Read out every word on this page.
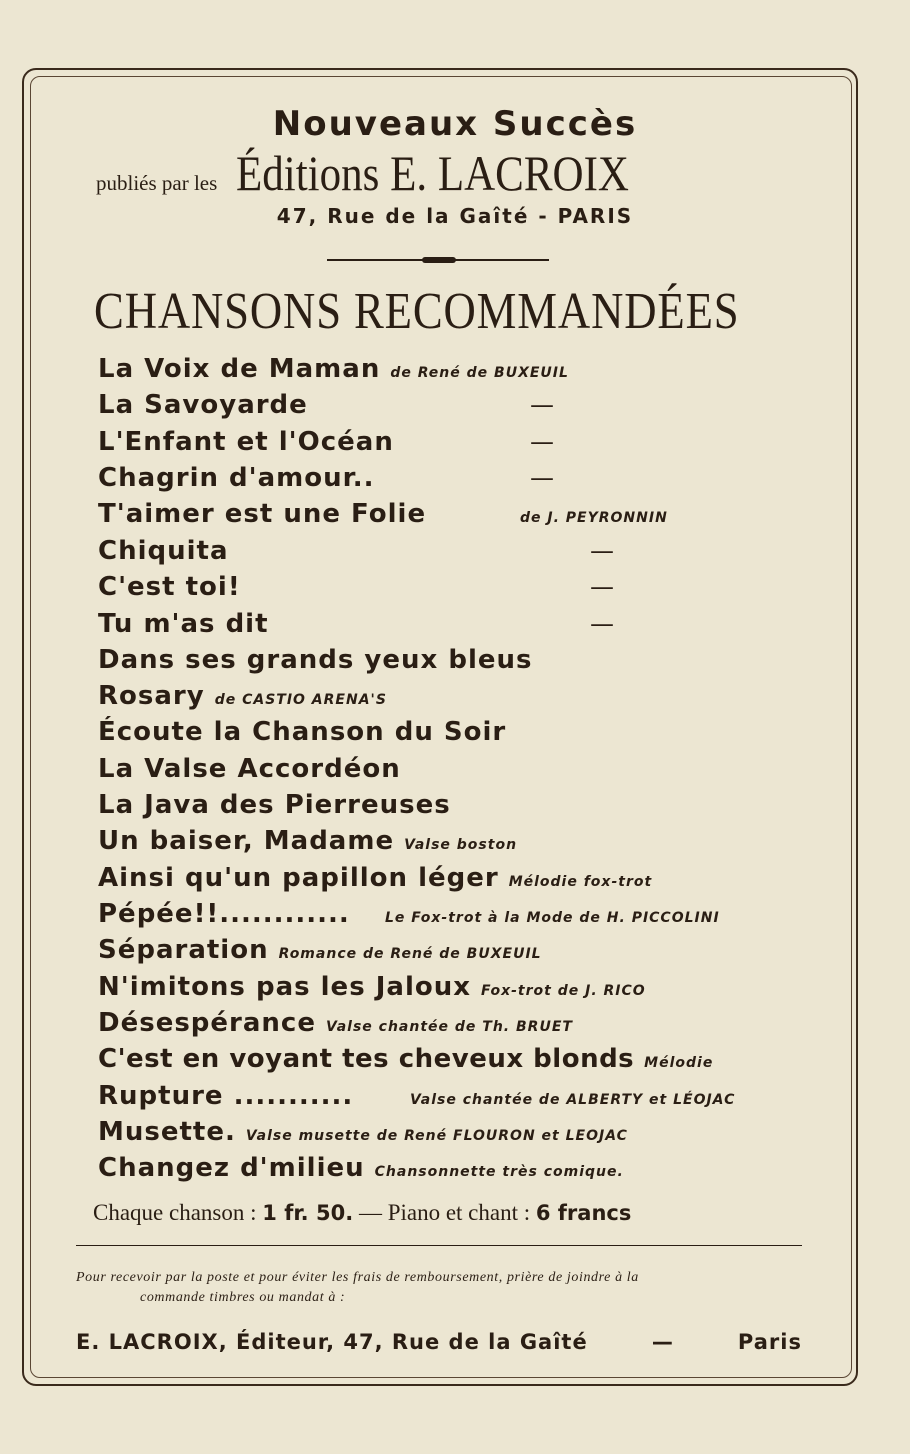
Nouveaux Succès
publiés par les Éditions E. LACROIX
47, Rue de la Gaîté - PARIS
CHANSONS RECOMMANDÉES
La Voix de Maman de René de BUXEUIL
La Savoyarde	—
L'Enfant et l'Océan	—
Chagrin d'amour..	—
T'aimer est une Folie	de J. PEYRONNIN
Chiquita	—
C'est toi!	—
Tu m'as dit	—
Dans ses grands yeux bleus
Rosary de CASTIO ARENA'S
Écoute la Chanson du Soir
La Valse Accordéon
La Java des Pierreuses
Un baiser, Madame Valse boston
Ainsi qu'un papillon léger Mélodie fox-trot
Pépée!!............	Le Fox-trot à la Mode de H. PICCOLINI
Séparation Romance de René de BUXEUIL
N'imitons pas les Jaloux Fox-trot de J. RICO
Désespérance Valse chantée de Th. BRUET
C'est en voyant tes cheveux blonds Mélodie
Rupture ...........	Valse chantée de ALBERTY et LÉOJAC
Musette. Valse musette de René FLOURON et LEOJAC
Changez d'milieu Chansonnette très comique.
Chaque chanson : 1 fr. 50. — Piano et chant : 6 francs
Pour recevoir par la poste et pour éviter les frais de remboursement, prière de joindre à la
commande timbres ou mandat à :
E. LACROIX, Éditeur, 47, Rue de la Gaîté	—	Paris
